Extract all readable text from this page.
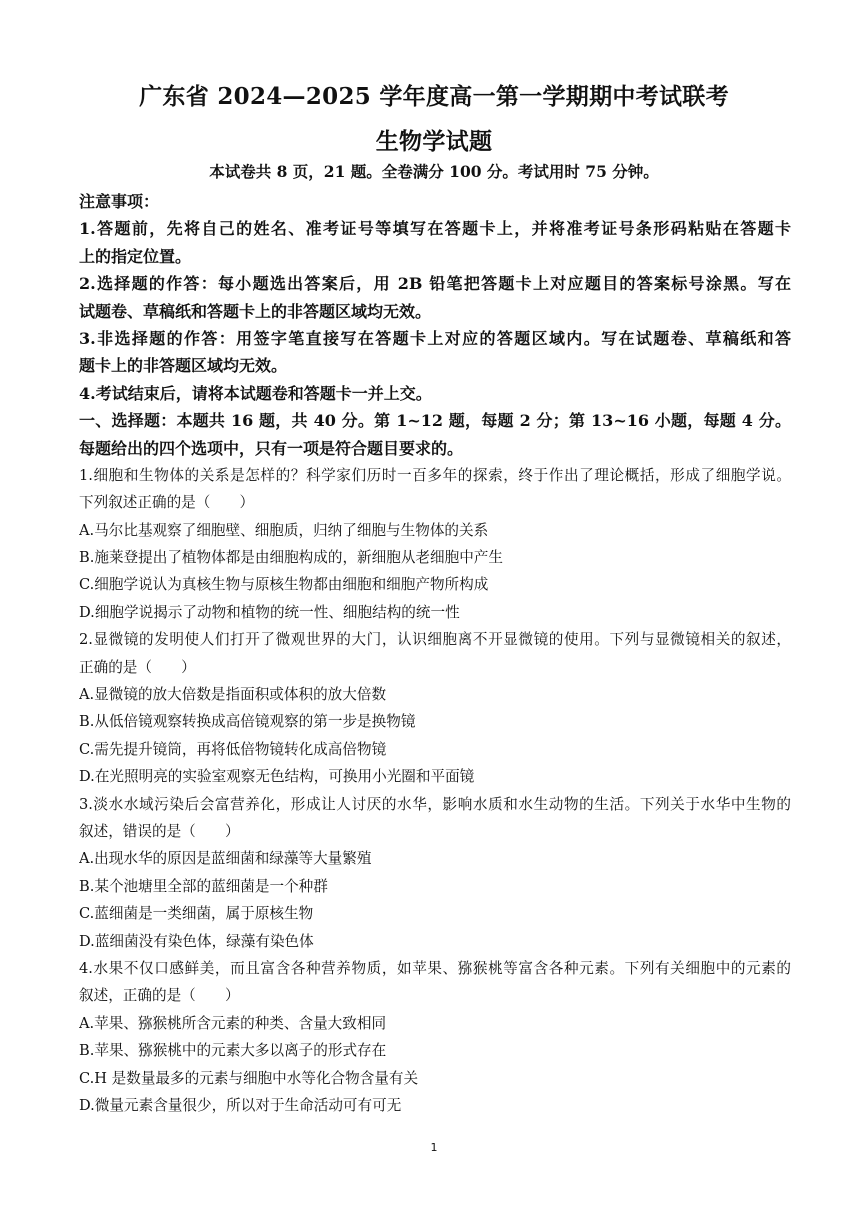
广东省 2024—2025 学年度高一第一学期期中考试联考
生物学试题
本试卷共 8 页，21 题。全卷满分 100 分。考试用时 75 分钟。
注意事项：
1.答题前，先将自己的姓名、准考证号等填写在答题卡上，并将准考证号条形码粘贴在答题卡
上的指定位置。
2.选择题的作答：每小题选出答案后，用 2B 铅笔把答题卡上对应题目的答案标号涂黑。写在
试题卷、草稿纸和答题卡上的非答题区域均无效。
3.非选择题的作答：用签字笔直接写在答题卡上对应的答题区域内。写在试题卷、草稿纸和答
题卡上的非答题区域均无效。
4.考试结束后，请将本试题卷和答题卡一并上交。
一、选择题：本题共 16 题，共 40 分。第 1~12 题，每题 2 分；第 13~16 小题，每题 4 分。
每题给出的四个选项中，只有一项是符合题目要求的。
1.细胞和生物体的关系是怎样的？科学家们历时一百多年的探索，终于作出了理论概括，形成了细胞学说。
下列叙述正确的是（　　）
A.马尔比基观察了细胞壁、细胞质，归纳了细胞与生物体的关系
B.施莱登提出了植物体都是由细胞构成的，新细胞从老细胞中产生
C.细胞学说认为真核生物与原核生物都由细胞和细胞产物所构成
D.细胞学说揭示了动物和植物的统一性、细胞结构的统一性
2.显微镜的发明使人们打开了微观世界的大门，认识细胞离不开显微镜的使用。下列与显微镜相关的叙述，
正确的是（　　）
A.显微镜的放大倍数是指面积或体积的放大倍数
B.从低倍镜观察转换成高倍镜观察的第一步是换物镜
C.需先提升镜筒，再将低倍物镜转化成高倍物镜
D.在光照明亮的实验室观察无色结构，可换用小光圈和平面镜
3.淡水水域污染后会富营养化，形成让人讨厌的水华，影响水质和水生动物的生活。下列关于水华中生物的
叙述，错误的是（　　）
A.出现水华的原因是蓝细菌和绿藻等大量繁殖
B.某个池塘里全部的蓝细菌是一个种群
C.蓝细菌是一类细菌，属于原核生物
D.蓝细菌没有染色体，绿藻有染色体
4.水果不仅口感鲜美，而且富含各种营养物质，如苹果、猕猴桃等富含各种元素。下列有关细胞中的元素的
叙述，正确的是（　　）
A.苹果、猕猴桃所含元素的种类、含量大致相同
B.苹果、猕猴桃中的元素大多以离子的形式存在
C.H 是数量最多的元素与细胞中水等化合物含量有关
D.微量元素含量很少，所以对于生命活动可有可无
1
